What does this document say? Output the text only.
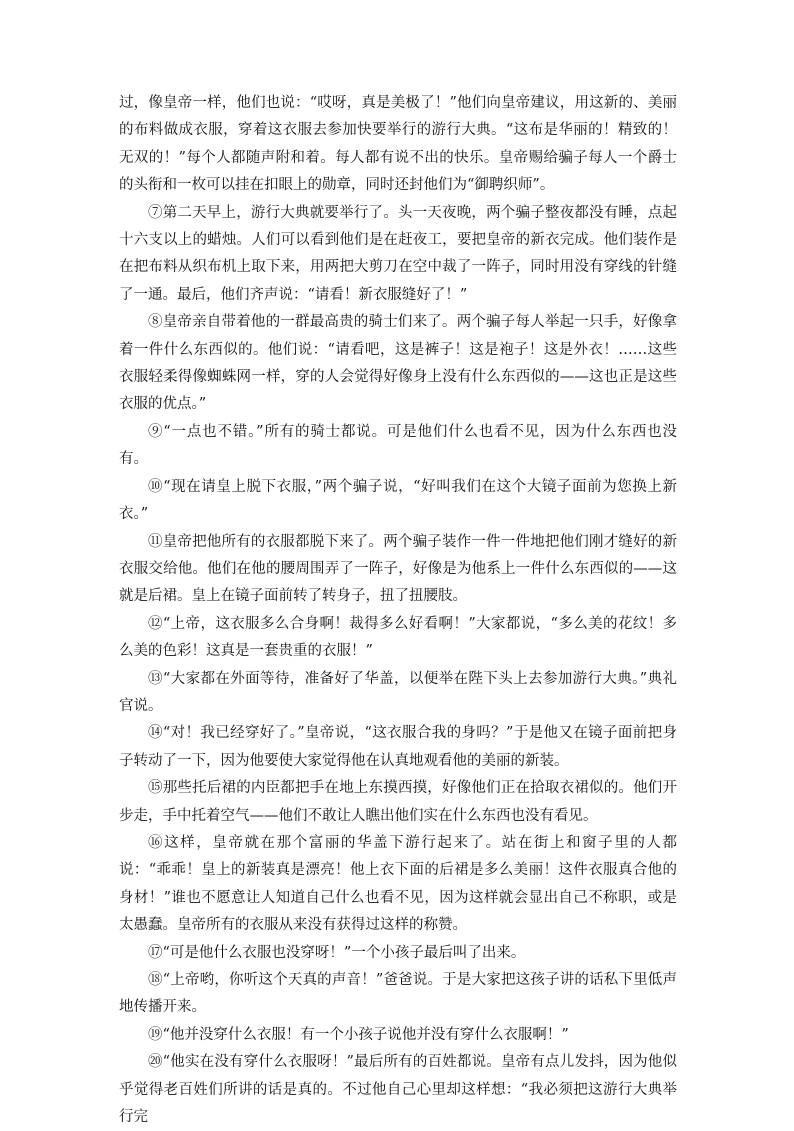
过，像皇帝一样，他们也说：“哎呀，真是美极了！”他们向皇帝建议，用这新的、美丽的布料做成衣服，穿着这衣服去参加快要举行的游行大典。“这布是华丽的！精致的！无双的！”每个人都随声附和着。每人都有说不出的快乐。皇帝赐给骗子每人一个爵士的头衔和一枚可以挂在扣眼上的勋章，同时还封他们为“御聘织师”。

⑦第二天早上，游行大典就要举行了。头一天夜晚，两个骗子整夜都没有睡，点起十六支以上的蜡烛。人们可以看到他们是在赶夜工，要把皇帝的新衣完成。他们装作是在把布料从织布机上取下来，用两把大剪刀在空中裁了一阵子，同时用没有穿线的针缝了一通。最后，他们齐声说：“请看！新衣服缝好了！”

⑧皇帝亲自带着他的一群最高贵的骑士们来了。两个骗子每人举起一只手，好像拿着一件什么东西似的。他们说：“请看吧，这是裤子！这是袍子！这是外衣！……这些衣服轻柔得像蜘蛛网一样，穿的人会觉得好像身上没有什么东西似的——这也正是这些衣服的优点。”

⑨“一点也不错。”所有的骑士都说。可是他们什么也看不见，因为什么东西也没有。

⑩“现在请皇上脱下衣服，”两个骗子说，“好叫我们在这个大镜子面前为您换上新衣。”

⑪皇帝把他所有的衣服都脱下来了。两个骗子装作一件一件地把他们刚才缝好的新衣服交给他。他们在他的腰周围弄了一阵子，好像是为他系上一件什么东西似的——这就是后裙。皇上在镜子面前转了转身子，扭了扭腰肢。

⑫“上帝，这衣服多么合身啊！裁得多么好看啊！”大家都说，“多么美的花纹！多么美的色彩！这真是一套贵重的衣服！”

⑬“大家都在外面等待，准备好了华盖，以便举在陛下头上去参加游行大典。”典礼官说。

⑭“对！我已经穿好了。”皇帝说，“这衣服合我的身吗？”于是他又在镜子面前把身子转动了一下，因为他要使大家觉得他在认真地观看他的美丽的新装。

⑮那些托后裙的内臣都把手在地上东摸西摸，好像他们正在拾取衣裙似的。他们开步走，手中托着空气——他们不敢让人瞧出他们实在什么东西也没有看见。

⑯这样，皇帝就在那个富丽的华盖下游行起来了。站在街上和窗子里的人都说：“乖乖！皇上的新装真是漂亮！他上衣下面的后裙是多么美丽！这件衣服真合他的身材！”谁也不愿意让人知道自己什么也看不见，因为这样就会显出自己不称职，或是太愚蠢。皇帝所有的衣服从来没有获得过这样的称赞。

⑰“可是他什么衣服也没穿呀！”一个小孩子最后叫了出来。

⑱“上帝哟，你听这个天真的声音！”爸爸说。于是大家把这孩子讲的话私下里低声地传播开来。

⑲“他并没穿什么衣服！有一个小孩子说他并没有穿什么衣服啊！”

⑳“他实在没有穿什么衣服呀！”最后所有的百姓都说。皇帝有点儿发抖，因为他似乎觉得老百姓们所讲的话是真的。不过他自己心里却这样想：“我必须把这游行大典举行完
